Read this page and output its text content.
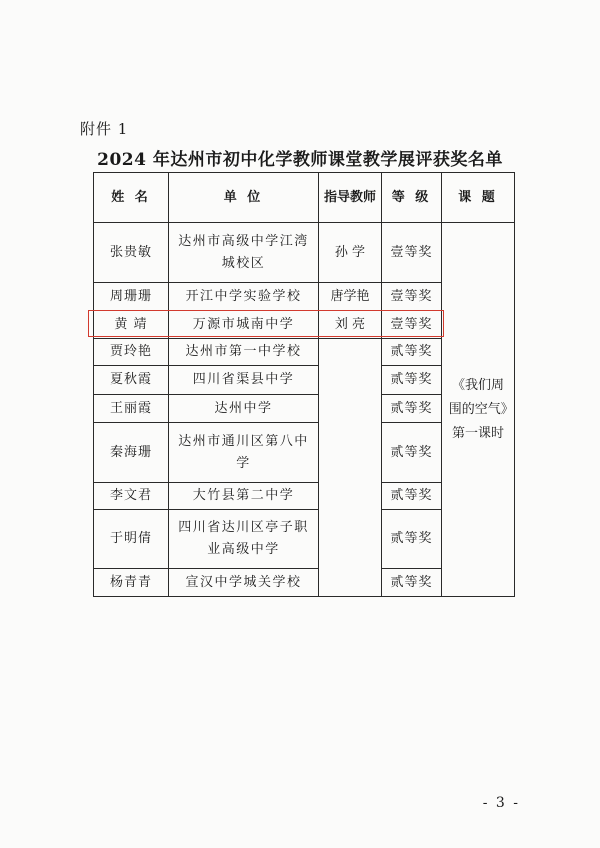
附件 1
2024 年达州市初中化学教师课堂教学展评获奖名单
姓 名	单 位	指导教师	等 级	课 题
张贵敏	达州市高级中学江湾城校区	孙 学	壹等奖	《我们周围的空气》第一课时
周珊珊	开江中学实验学校	唐学艳	壹等奖	
黄 靖	万源市城南中学	刘 亮	壹等奖	
贾玲艳	达州市第一中学校		贰等奖	
夏秋霞	四川省渠县中学		贰等奖	
王丽霞	达州中学		贰等奖	
秦海珊	达州市通川区第八中学		贰等奖	
李文君	大竹县第二中学		贰等奖	
于明倩	四川省达川区亭子职业高级中学		贰等奖	
杨青青	宣汉中学城关学校		贰等奖	
- 3 -
